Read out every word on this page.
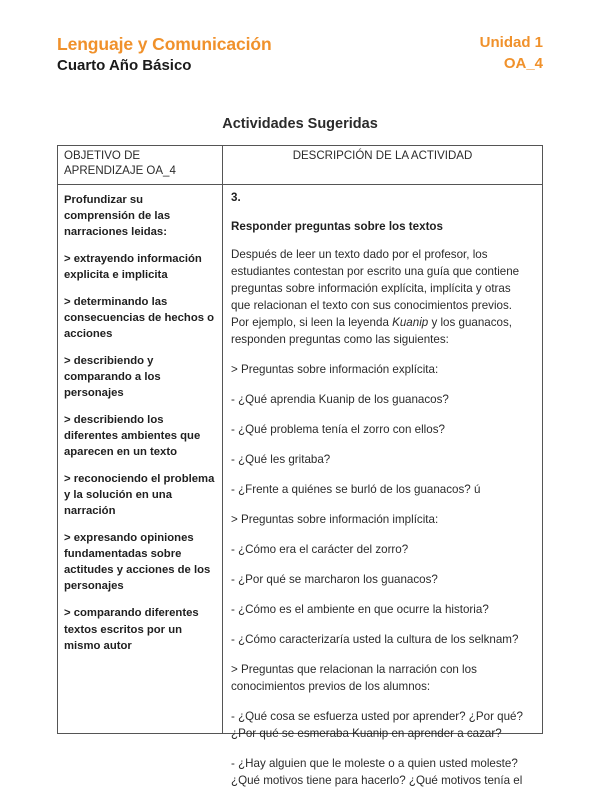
Lenguaje y Comunicación
Cuarto Año Básico
Unidad 1
OA_4
Actividades Sugeridas
OBJETIVO DE APRENDIZAJE OA_4
DESCRIPCIÓN DE LA ACTIVIDAD
Profundizar su comprensión de las narraciones leidas:
> extrayendo información explicita e implicita
> determinando las consecuencias de hechos o acciones
> describiendo y comparando a los personajes
> describiendo los diferentes ambientes que aparecen en un texto
> reconociendo el problema y la solución en una narración
> expresando opiniones fundamentadas sobre actitudes y acciones de los personajes
> comparando diferentes textos escritos por un mismo autor
3.
Responder preguntas sobre los textos
Después de leer un texto dado por el profesor, los estudiantes contestan por escrito una guía que contiene preguntas sobre información explícita, implícita y otras que relacionan el texto con sus conocimientos previos. Por ejemplo, si leen la leyenda Kuanip y los guanacos, responden preguntas como las siguientes:
> Preguntas sobre información explícita:
- ¿Qué aprendia Kuanip de los guanacos?
- ¿Qué problema tenía el zorro con ellos?
- ¿Qué les gritaba?
- ¿Frente a quiénes se burló de los guanacos? ú
> Preguntas sobre información implícita:
- ¿Cómo era el carácter del zorro?
- ¿Por qué se marcharon los guanacos?
- ¿Cómo es el ambiente en que ocurre la historia?
- ¿Cómo caracterizaría usted la cultura de los selknam?
> Preguntas que relacionan la narración con los conocimientos previos de los alumnos:
- ¿Qué cosa se esfuerza usted por aprender? ¿Por qué? ¿Por qué se esmeraba Kuanip en aprender a cazar?
- ¿Hay alguien que le moleste o a quien usted moleste? ¿Qué motivos tiene para hacerlo? ¿Qué motivos tenía el
